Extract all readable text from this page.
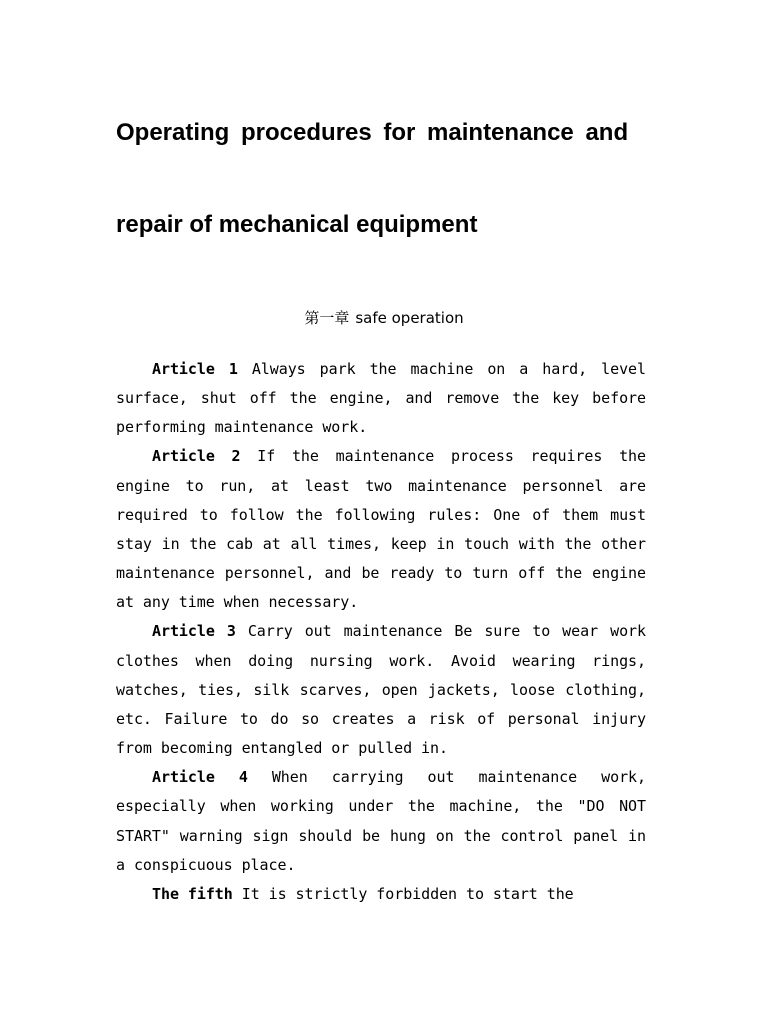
Operating procedures for maintenance and
repair of mechanical equipment
第一章 safe operation

Article 1 Always park the machine on a hard, level surface, shut off the engine, and remove the key before performing maintenance work.

Article 2 If the maintenance process requires the engine to run, at least two maintenance personnel are required to follow the following rules: One of them must stay in the cab at all times, keep in touch with the other maintenance personnel, and be ready to turn off the engine at any time when necessary.

Article 3 Carry out maintenance Be sure to wear work clothes when doing nursing work. Avoid wearing rings, watches, ties, silk scarves, open jackets, loose clothing, etc. Failure to do so creates a risk of personal injury from becoming entangled or pulled in.

Article 4 When carrying out maintenance work, especially when working under the machine, the "DO NOT START" warning sign should be hung on the control panel in a conspicuous place.

The fifth It is strictly forbidden to start the
